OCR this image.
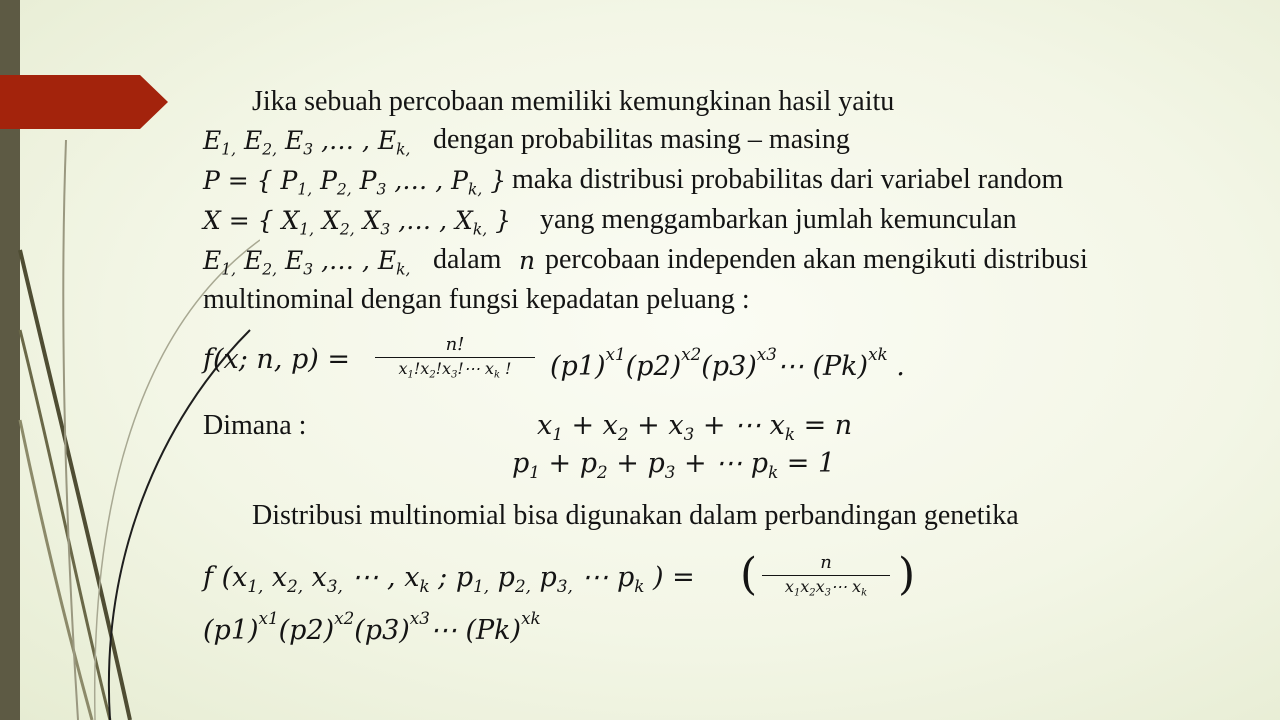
Jika sebuah percobaan memiliki kemungkinan hasil yaitu
$E_{1,}$ $E_{2,}$ $E_3$ ,… , $E_{k,}$ dengan probabilitas masing – masing
P = { $P_{1,}$ $P_{2,}$ $P_3$ ,… , $P_{k,}$ } maka distribusi probabilitas dari variabel random
X = { $X_{1,}$ $X_{2,}$ $X_3$ ,… , $X_{k,}$ } yang menggambarkan jumlah kemunculan
$E_{1,}$ $E_{2,}$ $E_3$ ,… , $E_{k,}$ dalam n percobaan independen akan mengikuti distribusi
multinominal dengan fungsi kepadatan peluang :
f(x; n, p) =	n!
$x_1!x_2!x_3!\cdots$ $x_k$ !	$(p1)^{x1}(p2)^{x2}(p3)^{x3}\cdots$ $(Pk)^{xk}$ .
Dimana :	$x_1 + x_2 + x_3$ + ⋯ $x_k = n$
$p_1 + p_2 + p_3$ + ⋯ $p_k = 1$
Distribusi multinomial bisa digunakan dalam perbandingan genetika
f ($x_{1,}$ $x_{2,}$ $x_{3,}$ ⋯ , $x_k$ ; $p_{1,}$ $p_{2,}$ $p_{3,}$ ⋯ $p_k$ ) = (	n
$x_1x_2x_3\cdots$ $x_k$ )
$(p1)^{x1}(p2)^{x2}(p3)^{x3}\cdots$ $(Pk)^{xk}$
